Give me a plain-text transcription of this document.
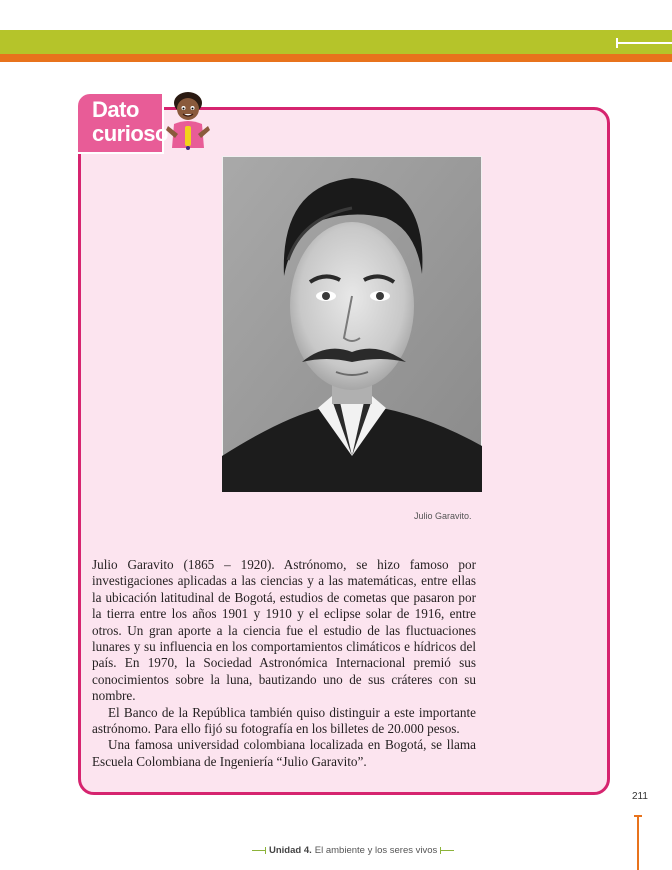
Dato
curioso
Julio Garavito.

Julio Garavito (1865 – 1920). Astrónomo, se hizo famoso por investigaciones aplicadas a las ciencias y a las matemáticas, entre ellas la ubicación latitudinal de Bogotá, estudios de cometas que pasaron por la tierra entre los años 1901 y 1910 y el eclipse solar de 1916, entre otros. Un gran aporte a la ciencia fue el estudio de las fluctuaciones lunares y su influencia en los comportamientos climáticos e hídricos del país. En 1970, la Sociedad Astronómica Internacional premió sus conocimientos sobre la luna, bautizando uno de sus cráteres con su nombre.

El Banco de la República también quiso distinguir a este importante astrónomo. Para ello fijó su fotografía en los billetes de 20.000 pesos.

Una famosa universidad colombiana localizada en Bogotá, se llama Escuela Colombiana de Ingeniería “Julio Garavito”.

211
Unidad 4. El ambiente y los seres vivos
